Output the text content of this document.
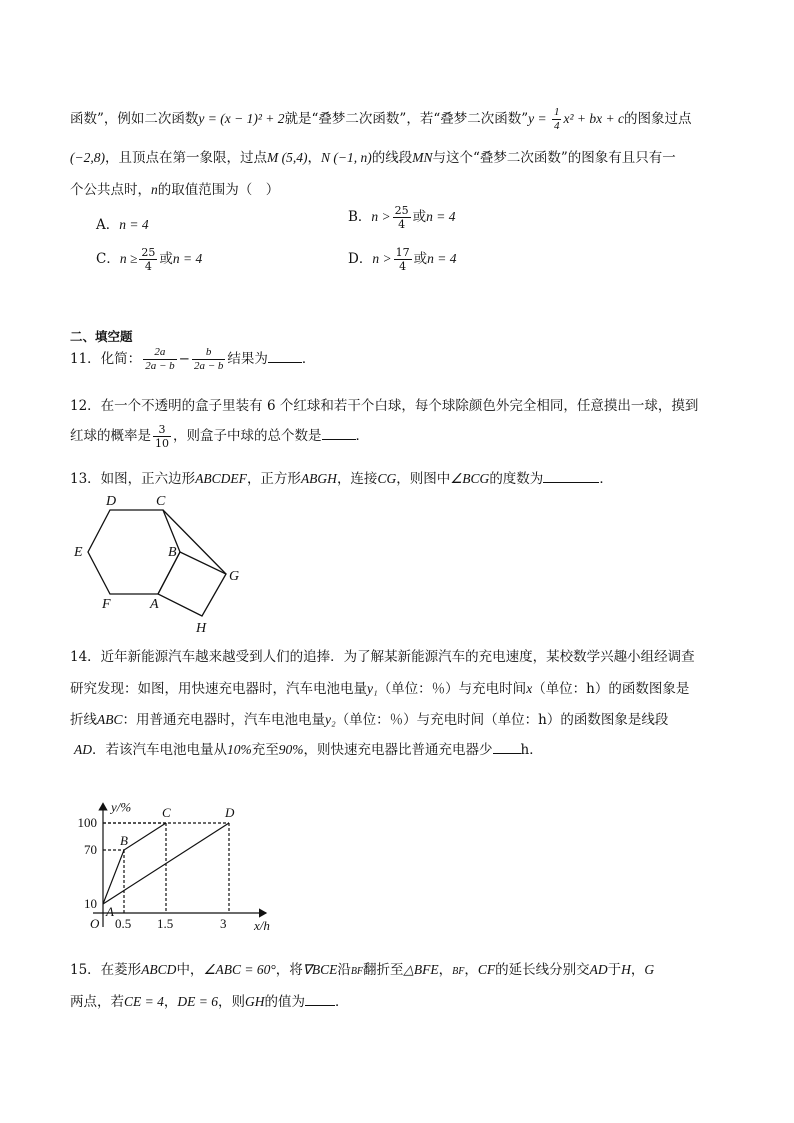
函数”，例如二次函数y = (x − 1)² + 2就是“叠梦二次函数”，若“叠梦二次函数”y = $\frac{1}{4} x^2$ + bx + c的图象过点
(−2,8)，且顶点在第一象限，过点M (5,4)，N (−1, n)的线段MN与这个“叠梦二次函数”的图象有且只有一
个公共点时，n的取值范围为（　）
A．n = 4	B．$n > \frac{25}{4}$ 或n = 4
C．$n \ge \frac{25}{4}$ 或n = 4	D．$n > \frac{17}{4}$ 或n = 4
二、填空题
11．化简： $\frac{2a}{2a - b} - \frac{b}{2a - b}$ 结果为	．
12．在一个不透明的盒子里装有 6 个红球和若干个白球，每个球除颜色外完全相同，任意摸出一球，摸到
红球的概率是 $\frac{3}{10}$ ，则盒子中球的总个数是	．
13．如图，正六边形ABCDEF，正方形ABGH，连接CG，则图中∠BCG的度数为	．
D	C
E	B
G
F	A
H
14．近年新能源汽车越来越受到人们的追捧．为了解某新能源汽车的充电速度，某校数学兴趣小组经调查
研究发现：如图，用快速充电器时，汽车电池电量y₁（单位：％）与充电时间x（单位：h）的函数图象是
折线ABC：用普通充电器时，汽车电池电量y₂（单位：％）与充电时间（单位：h）的函数图象是线段
AD．若该汽车电池电量从10%充至90%，则快速充电器比普通充电器少 h．
0.5 1.5	3
10
70
100
O	x/h
y/%
A
B
C	D
15．在菱形ABCD中，∠ABC = 60°，将∇BCE沿BF翻折至△BFE，BF，CF的延长线分别交AD于H，G
两点，若CE = 4，DE = 6，则GH的值为 ．
